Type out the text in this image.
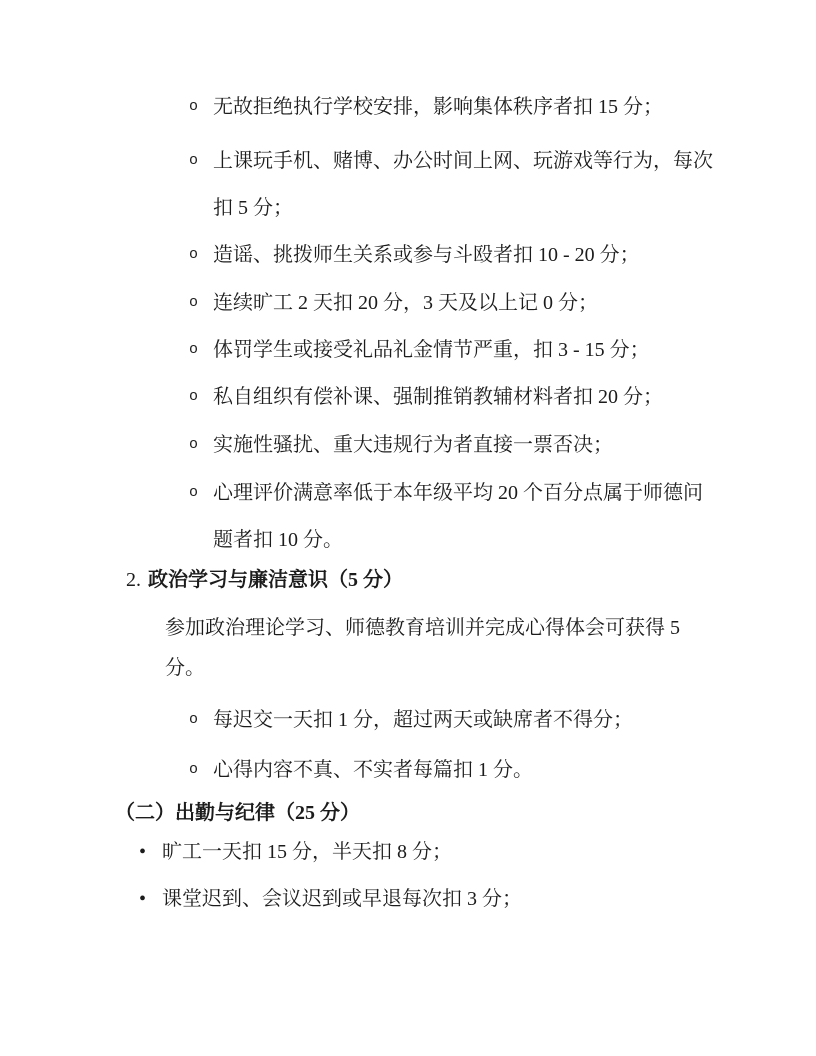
o 无故拒绝执行学校安排，影响集体秩序者扣 15 分；
o 上课玩手机、赌博、办公时间上网、玩游戏等行为，每次
扣 5 分；
o 造谣、挑拨师生关系或参与斗殴者扣 10 - 20 分；
o 连续旷工 2 天扣 20 分，3 天及以上记 0 分；
o 体罚学生或接受礼品礼金情节严重，扣 3 - 15 分；
o 私自组织有偿补课、强制推销教辅材料者扣 20 分；
o 实施性骚扰、重大违规行为者直接一票否决；
o 心理评价满意率低于本年级平均 20 个百分点属于师德问
题者扣 10 分。
2. 政治学习与廉洁意识（5 分）
参加政治理论学习、师德教育培训并完成心得体会可获得 5
分。
o 每迟交一天扣 1 分，超过两天或缺席者不得分；
o 心得内容不真、不实者每篇扣 1 分。
（二）出勤与纪律（25 分）
• 旷工一天扣 15 分，半天扣 8 分；
• 课堂迟到、会议迟到或早退每次扣 3 分；
